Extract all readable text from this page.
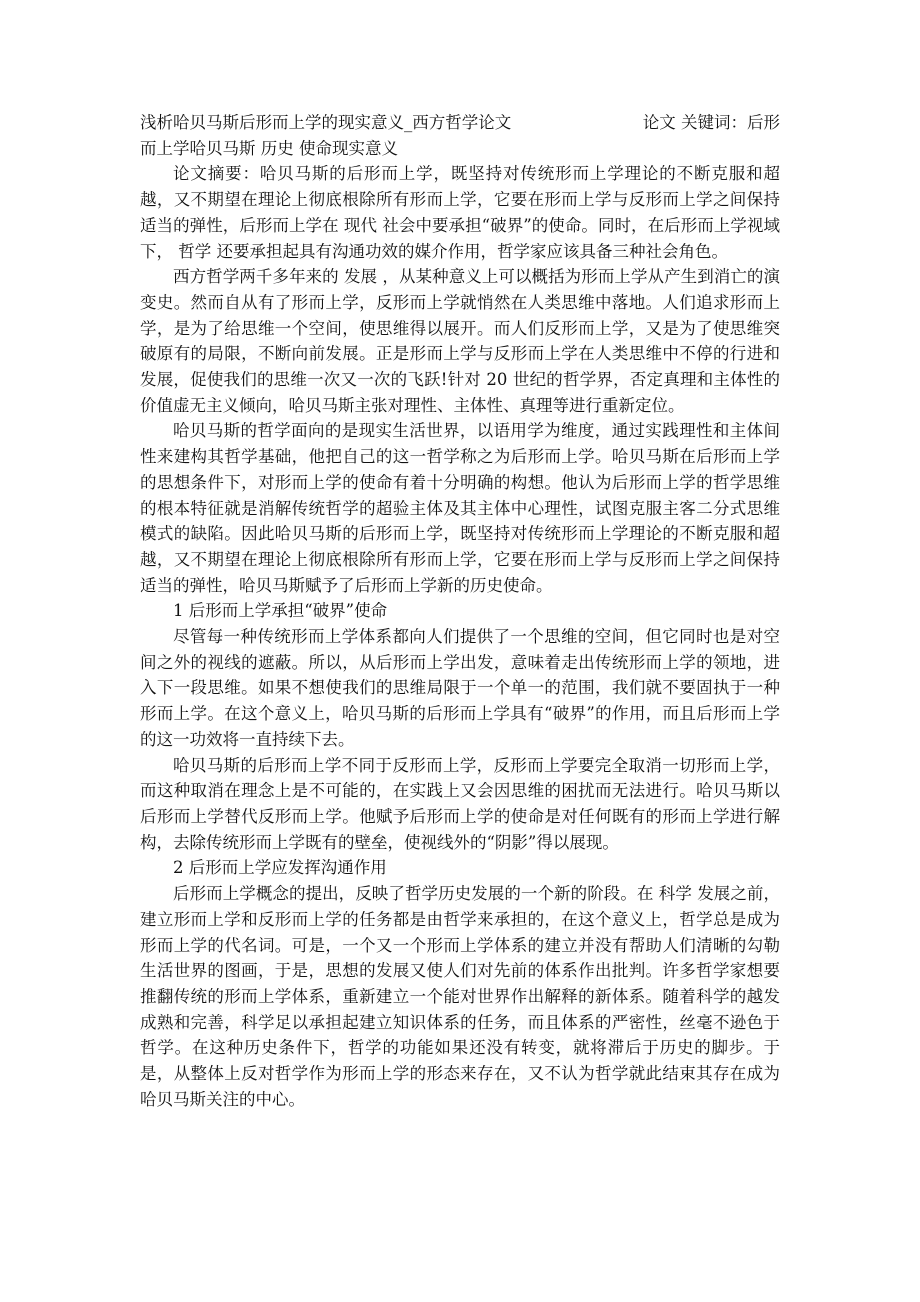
浅析哈贝马斯后形而上学的现实意义_西方哲学论文	论文 关键词：后形

而上学哈贝马斯 历史 使命现实意义

论文摘要：哈贝马斯的后形而上学，既坚持对传统形而上学理论的不断克服和超越，又不期望在理论上彻底根除所有形而上学，它要在形而上学与反形而上学之间保持适当的弹性，后形而上学在 现代 社会中要承担“破界”的使命。同时，在后形而上学视域下， 哲学 还要承担起具有沟通功效的媒介作用，哲学家应该具备三种社会角色。

西方哲学两千多年来的 发展 ，从某种意义上可以概括为形而上学从产生到消亡的演变史。然而自从有了形而上学，反形而上学就悄然在人类思维中落地。人们追求形而上学，是为了给思维一个空间，使思维得以展开。而人们反形而上学，又是为了使思维突破原有的局限，不断向前发展。正是形而上学与反形而上学在人类思维中不停的行进和发展，促使我们的思维一次又一次的飞跃!针对 20 世纪的哲学界，否定真理和主体性的价值虚无主义倾向，哈贝马斯主张对理性、主体性、真理等进行重新定位。

哈贝马斯的哲学面向的是现实生活世界，以语用学为维度，通过实践理性和主体间性来建构其哲学基础，他把自己的这一哲学称之为后形而上学。哈贝马斯在后形而上学的思想条件下，对形而上学的使命有着十分明确的构想。他认为后形而上学的哲学思维的根本特征就是消解传统哲学的超验主体及其主体中心理性，试图克服主客二分式思维模式的缺陷。因此哈贝马斯的后形而上学，既坚持对传统形而上学理论的不断克服和超越，又不期望在理论上彻底根除所有形而上学，它要在形而上学与反形而上学之间保持适当的弹性，哈贝马斯赋予了后形而上学新的历史使命。

1 后形而上学承担“破界”使命

尽管每一种传统形而上学体系都向人们提供了一个思维的空间，但它同时也是对空间之外的视线的遮蔽。所以，从后形而上学出发，意味着走出传统形而上学的领地，进入下一段思维。如果不想使我们的思维局限于一个单一的范围，我们就不要固执于一种形而上学。在这个意义上，哈贝马斯的后形而上学具有“破界”的作用，而且后形而上学的这一功效将一直持续下去。

哈贝马斯的后形而上学不同于反形而上学，反形而上学要完全取消一切形而上学，而这种取消在理念上是不可能的，在实践上又会因思维的困扰而无法进行。哈贝马斯以后形而上学替代反形而上学。他赋予后形而上学的使命是对任何既有的形而上学进行解构，去除传统形而上学既有的壁垒，使视线外的“阴影”得以展现。

2 后形而上学应发挥沟通作用

后形而上学概念的提出，反映了哲学历史发展的一个新的阶段。在 科学 发展之前，建立形而上学和反形而上学的任务都是由哲学来承担的，在这个意义上，哲学总是成为形而上学的代名词。可是，一个又一个形而上学体系的建立并没有帮助人们清晰的勾勒生活世界的图画，于是，思想的发展又使人们对先前的体系作出批判。许多哲学家想要推翻传统的形而上学体系，重新建立一个能对世界作出解释的新体系。随着科学的越发成熟和完善，科学足以承担起建立知识体系的任务，而且体系的严密性，丝毫不逊色于哲学。在这种历史条件下，哲学的功能如果还没有转变，就将滞后于历史的脚步。于是，从整体上反对哲学作为形而上学的形态来存在，又不认为哲学就此结束其存在成为哈贝马斯关注的中心。
